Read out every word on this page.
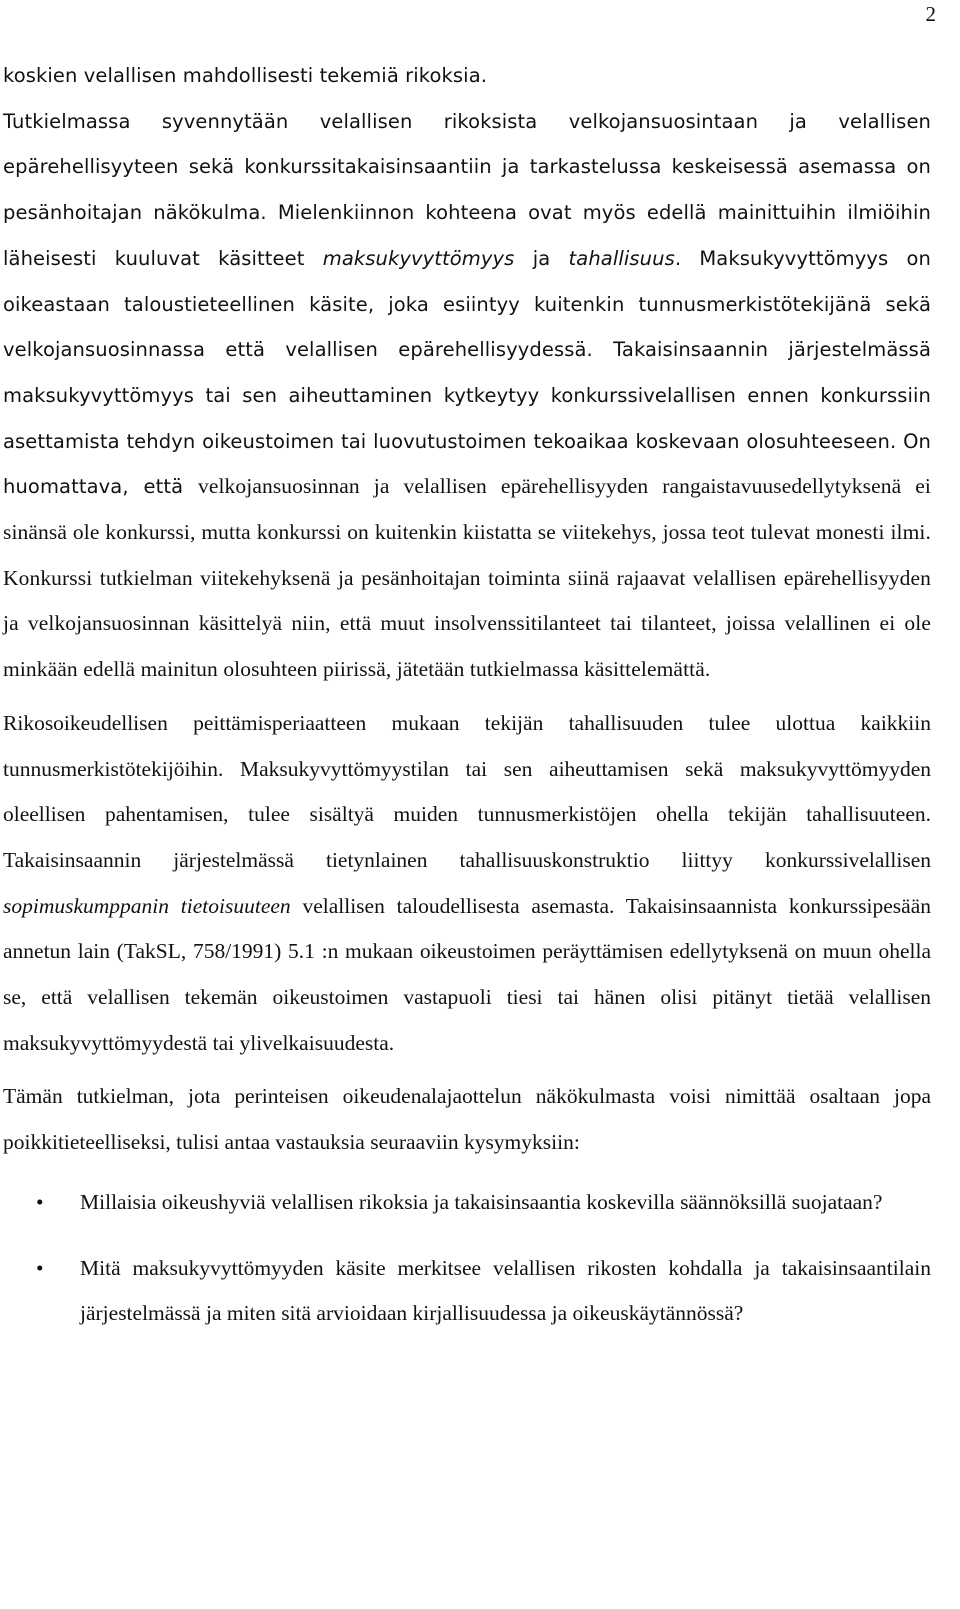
2

koskien velallisen mahdollisesti tekemiä rikoksia.

Tutkielmassa syvennytään velallisen rikoksista velkojansuosintaan ja velallisen epärehellisyyteen sekä konkurssitakaisinsaantiin ja tarkastelussa keskeisessä asemassa on pesänhoitajan näkökulma. Mielenkiinnon kohteena ovat myös edellä mainittuihin ilmiöihin läheisesti kuuluvat käsitteet maksukyvyttömyys ja tahallisuus. Maksukyvyttömyys on oikeastaan taloustieteellinen käsite, joka esiintyy kuitenkin tunnusmerkistötekijänä sekä velkojansuosinnassa että velallisen epärehellisyydessä. Takaisinsaannin järjestelmässä maksukyvyttömyys tai sen aiheuttaminen kytkeytyy konkurssivelallisen ennen konkurssiin asettamista tehdyn oikeustoimen tai luovutustoimen tekoaikaa koskevaan olosuhteeseen. On huomattava, että velkojansuosinnan ja velallisen epärehellisyyden rangaistavuusedellytyksenä ei sinänsä ole konkurssi, mutta konkurssi on kuitenkin kiistatta se viitekehys, jossa teot tulevat monesti ilmi. Konkurssi tutkielman viitekehyksenä ja pesänhoitajan toiminta siinä rajaavat velallisen epärehellisyyden ja velkojansuosinnan käsittelyä niin, että muut insolvenssitilanteet tai tilanteet, joissa velallinen ei ole minkään edellä mainitun olosuhteen piirissä, jätetään tutkielmassa käsittelemättä.

Rikosoikeudellisen peittämisperiaatteen mukaan tekijän tahallisuuden tulee ulottua kaikkiin tunnusmerkistötekijöihin. Maksukyvyttömyystilan tai sen aiheuttamisen sekä maksukyvyttömyyden oleellisen pahentamisen, tulee sisältyä muiden tunnusmerkistöjen ohella tekijän tahallisuuteen. Takaisinsaannin järjestelmässä tietynlainen tahallisuuskonstruktio liittyy konkurssivelallisen sopimuskumppanin tietoisuuteen velallisen taloudellisesta asemasta. Takaisinsaannista konkurssipesään annetun lain (TakSL, 758/1991) 5.1 :n mukaan oikeustoimen peräyttämisen edellytyksenä on muun ohella se, että velallisen tekemän oikeustoimen vastapuoli tiesi tai hänen olisi pitänyt tietää velallisen maksukyvyttömyydestä tai ylivelkaisuudesta.

Tämän tutkielman, jota perinteisen oikeudenalajaottelun näkökulmasta voisi nimittää osaltaan jopa poikkitieteelliseksi, tulisi antaa vastauksia seuraaviin kysymyksiin:

• Millaisia oikeushyviä velallisen rikoksia ja takaisinsaantia koskevilla säännöksillä suojataan?
• Mitä maksukyvyttömyyden käsite merkitsee velallisen rikosten kohdalla ja takaisinsaantilain järjestelmässä ja miten sitä arvioidaan kirjallisuudessa ja oikeuskäytännössä?
